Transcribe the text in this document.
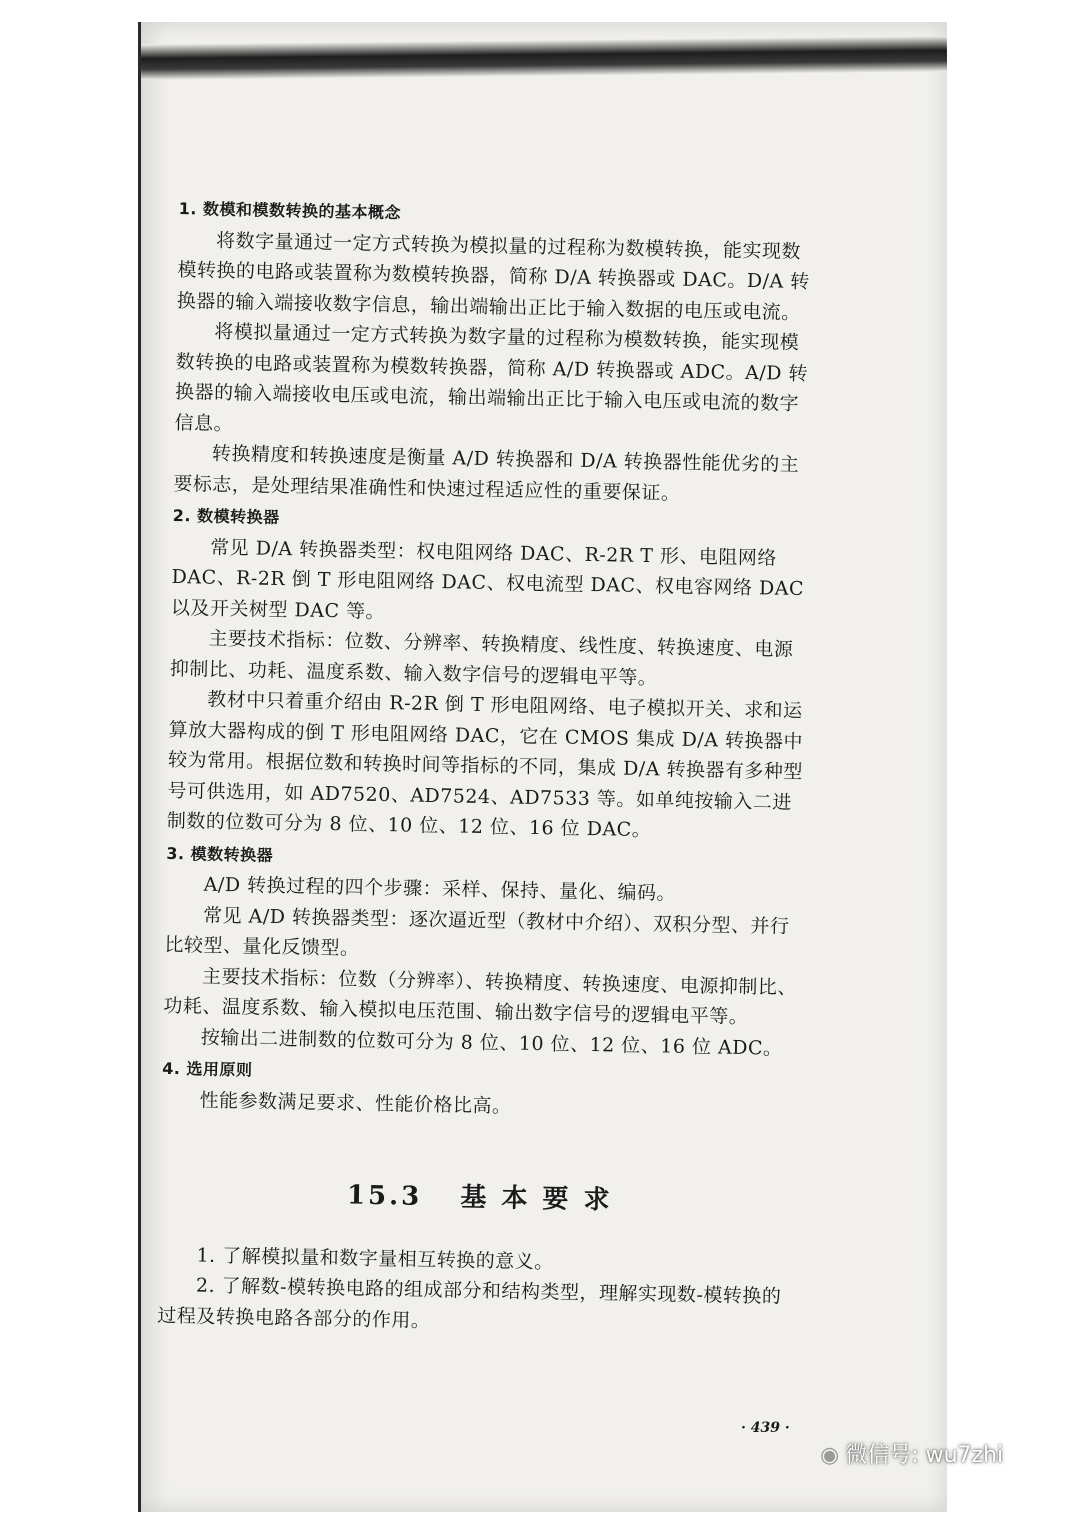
1. 数模和模数转换的基本概念

将数字量通过一定方式转换为模拟量的过程称为数模转换，能实现数模转换的电路或装置称为数模转换器，简称 D/A 转换器或 DAC。D/A 转换器的输入端接收数字信息，输出端输出正比于输入数据的电压或电流。

将模拟量通过一定方式转换为数字量的过程称为模数转换，能实现模数转换的电路或装置称为模数转换器，简称 A/D 转换器或 ADC。A/D 转换器的输入端接收电压或电流，输出端输出正比于输入电压或电流的数字信息。

转换精度和转换速度是衡量 A/D 转换器和 D/A 转换器性能优劣的主要标志，是处理结果准确性和快速过程适应性的重要保证。

2. 数模转换器

常见 D/A 转换器类型：权电阻网络 DAC、R-2R T 形、电阻网络 DAC、R-2R 倒 T 形电阻网络 DAC、权电流型 DAC、权电容网络 DAC 以及开关树型 DAC 等。

主要技术指标：位数、分辨率、转换精度、线性度、转换速度、电源抑制比、功耗、温度系数、输入数字信号的逻辑电平等。

教材中只着重介绍由 R-2R 倒 T 形电阻网络、电子模拟开关、求和运算放大器构成的倒 T 形电阻网络 DAC，它在 CMOS 集成 D/A 转换器中较为常用。根据位数和转换时间等指标的不同，集成 D/A 转换器有多种型号可供选用，如 AD7520、AD7524、AD7533 等。如单纯按输入二进制数的位数可分为 8 位、10 位、12 位、16 位 DAC。

3. 模数转换器

A/D 转换过程的四个步骤：采样、保持、量化、编码。

常见 A/D 转换器类型：逐次逼近型（教材中介绍）、双积分型、并行比较型、量化反馈型。

主要技术指标：位数（分辨率）、转换精度、转换速度、电源抑制比、功耗、温度系数、输入模拟电压范围、输出数字信号的逻辑电平等。

按输出二进制数的位数可分为 8 位、10 位、12 位、16 位 ADC。

4. 选用原则

性能参数满足要求、性能价格比高。

15.3 基 本 要 求

1. 了解模拟量和数字量相互转换的意义。

2. 了解数-模转换电路的组成部分和结构类型，理解实现数-模转换的过程及转换电路各部分的作用。

· 439 ·
◉ 微信号: wu7zhi
